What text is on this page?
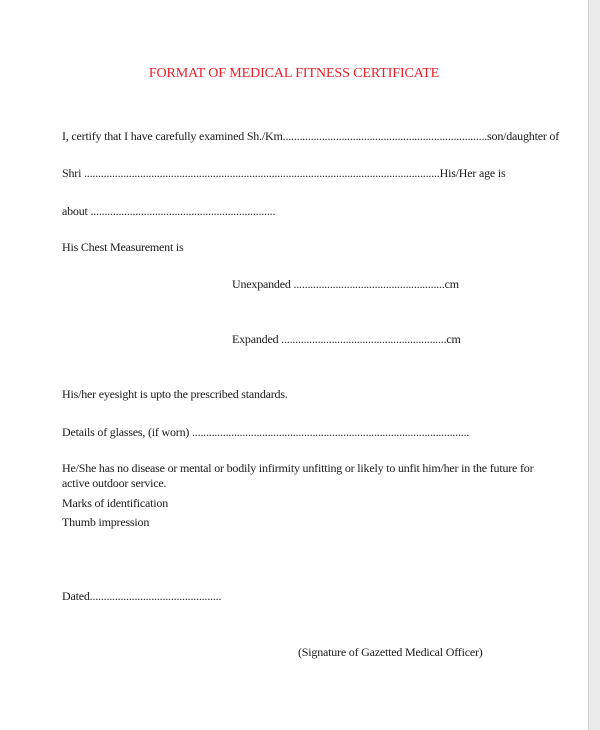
FORMAT OF MEDICAL FITNESS CERTIFICATE
I, certify that I have carefully examined Sh./Km.........................................................................son/daughter of
Shri ...............................................................................................................................His/Her age is
about ..................................................................
His Chest Measurement is
Unexpanded ......................................................cm
Expanded ...........................................................cm
His/her eyesight is upto the prescribed standards.
Details of glasses, (if worn) ...................................................................................................
He/She has no disease or mental or bodily infirmity unfitting or likely to unfit him/her in the future for active outdoor service.
Marks of identification
Thumb impression
Dated...............................................
(Signature of Gazetted Medical Officer)
